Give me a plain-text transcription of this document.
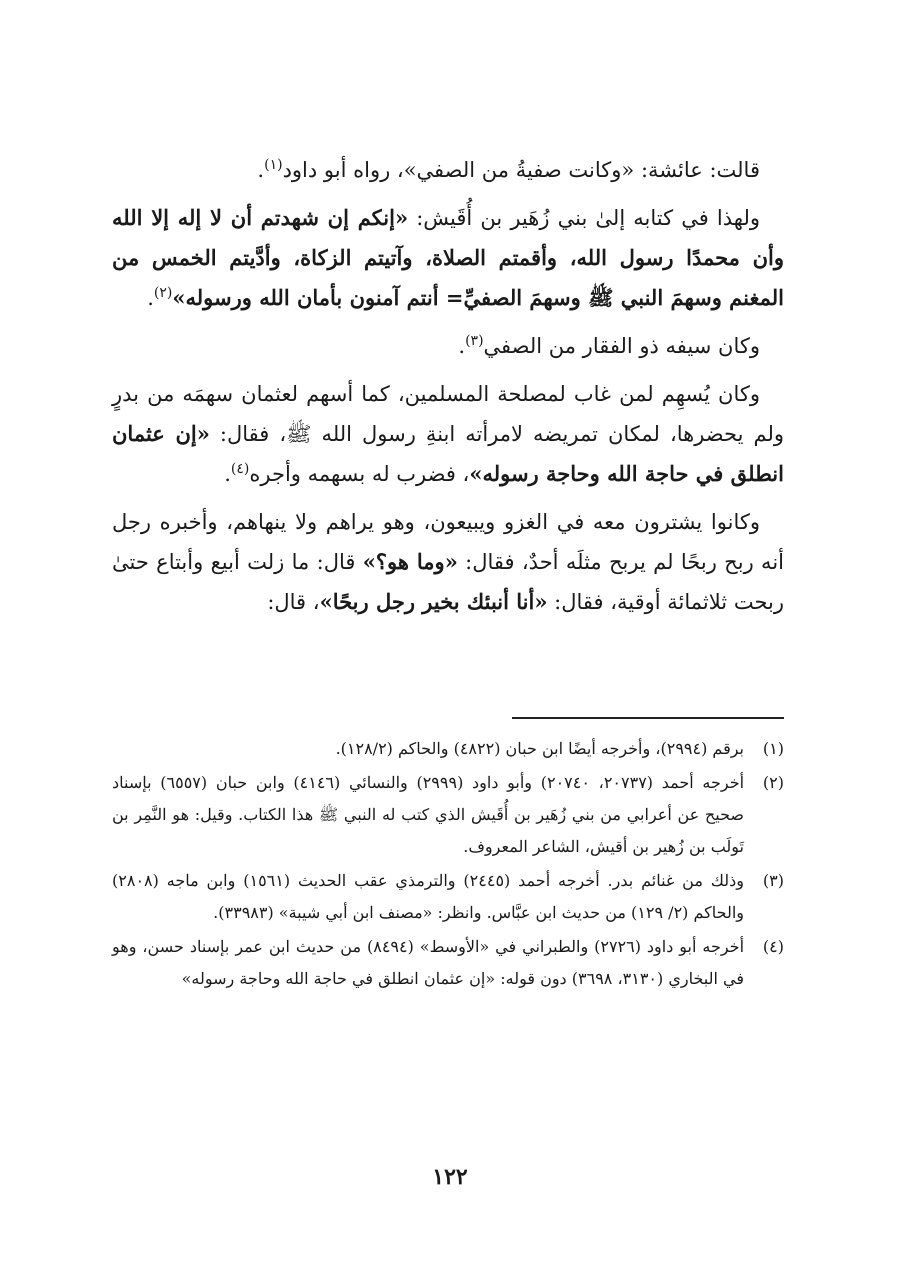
قالت: عائشة: «وكانت صفيةُ من الصفي»، رواه أبو داود$^{(١)}$.

ولهذا في كتابه إلىٰ بني زُهَير بن أُقَيش: «إنكم إن شهدتم أن لا إله إلا الله وأن محمدًا رسول الله، وأقمتم الصلاة، وآتيتم الزكاة، وأدَّيتم الخمس من المغنم وسهمَ النبي ﷺ وسهمَ الصفيِّ= أنتم آمنون بأمان الله ورسوله»$^{(٢)}$.

وكان سيفه ذو الفقار من الصفي$^{(٣)}$.

وكان يُسهِم لمن غاب لمصلحة المسلمين، كما أسهم لعثمان سهمَه من بدرٍ ولم يحضرها، لمكان تمريضه لامرأته ابنةِ رسول الله ﷺ، فقال: «إن عثمان انطلق في حاجة الله وحاجة رسوله»، فضرب له بسهمه وأجره$^{(٤)}$.

وكانوا يشترون معه في الغزو ويبيعون، وهو يراهم ولا ينهاهم، وأخبره رجل أنه ربح ربحًا لم يربح مثلَه أحدٌ، فقال: «وما هو؟» قال: ما زلت أبيع وأبتاع حتىٰ ربحت ثلاثمائة أوقية، فقال: «أنا أنبئك بخير رجل ربحًا»، قال:

(١)
برقم (٢٩٩٤)، وأخرجه أيضًا ابن حبان (٤٨٢٢) والحاكم (١٢٨/٢).
(٢)
أخرجه أحمد (٢٠٧٣٧، ٢٠٧٤٠) وأبو داود (٢٩٩٩) والنسائي (٤١٤٦) وابن حبان (٦٥٥٧) بإسناد صحيح عن أعرابي من بني زُهَير بن أُقَيش الذي كتب له النبي ﷺ هذا الكتاب. وقيل: هو النَّمِر بن تَولَب بن زُهير بن أقيش، الشاعر المعروف.
(٣)
وذلك من غنائم بدر. أخرجه أحمد (٢٤٤٥) والترمذي عقب الحديث (١٥٦١) وابن ماجه (٢٨٠٨) والحاكم (٢/ ١٢٩) من حديث ابن عبَّاس. وانظر: «مصنف ابن أبي شيبة» (٣٣٩٨٣).
(٤)
أخرجه أبو داود (٢٧٢٦) والطبراني في «الأوسط» (٨٤٩٤) من حديث ابن عمر بإسناد حسن، وهو في البخاري (٣١٣٠، ٣٦٩٨) دون قوله: «إن عثمان انطلق في حاجة الله وحاجة رسوله»
١٢٢
